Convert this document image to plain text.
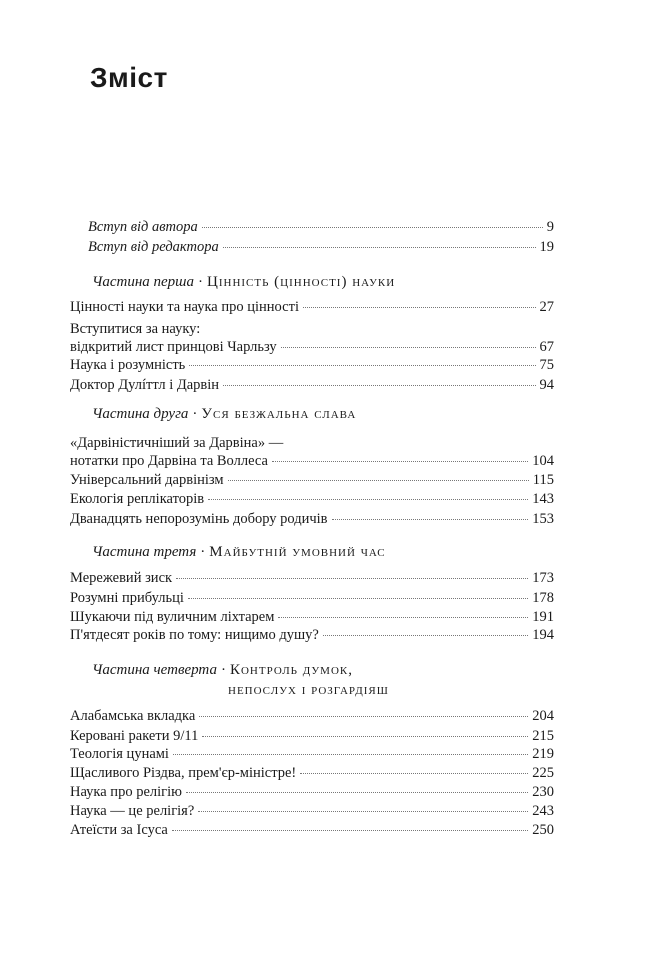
Зміст
Вступ від автора	9
Вступ від редактора	19
Частина перша · Цінність (цінності) науки
Цінності науки та наука про цінності	27
Вступитися за науку:
відкритий лист принцові Чарльзу	67
Наука і розумність	75
Доктор Дулíттл і Дарвін	94
Частина друга · Уся безжальна слава
«Дарвіністичніший за Дарвіна» —
нотатки про Дарвіна та Воллеса	104
Універсальний дарвінізм	115
Екологія реплікаторів	143
Дванадцять непорозумінь добору родичів	153
Частина третя · Майбутній умовний час
Мережевий зиск	173
Розумні прибульці	178
Шукаючи під вуличним ліхтарем	191
П'ятдесят років по тому: нищимо душу?	194
Частина четверта · Контроль думок,
непослух і розгардіяш
Алабамська вкладка	204
Керовані ракети 9/11	215
Теологія цунамі	219
Щасливого Різдва, прем'єр-міністре!	225
Наука про релігію	230
Наука — це релігія?	243
Атеїсти за Ісуса	250
